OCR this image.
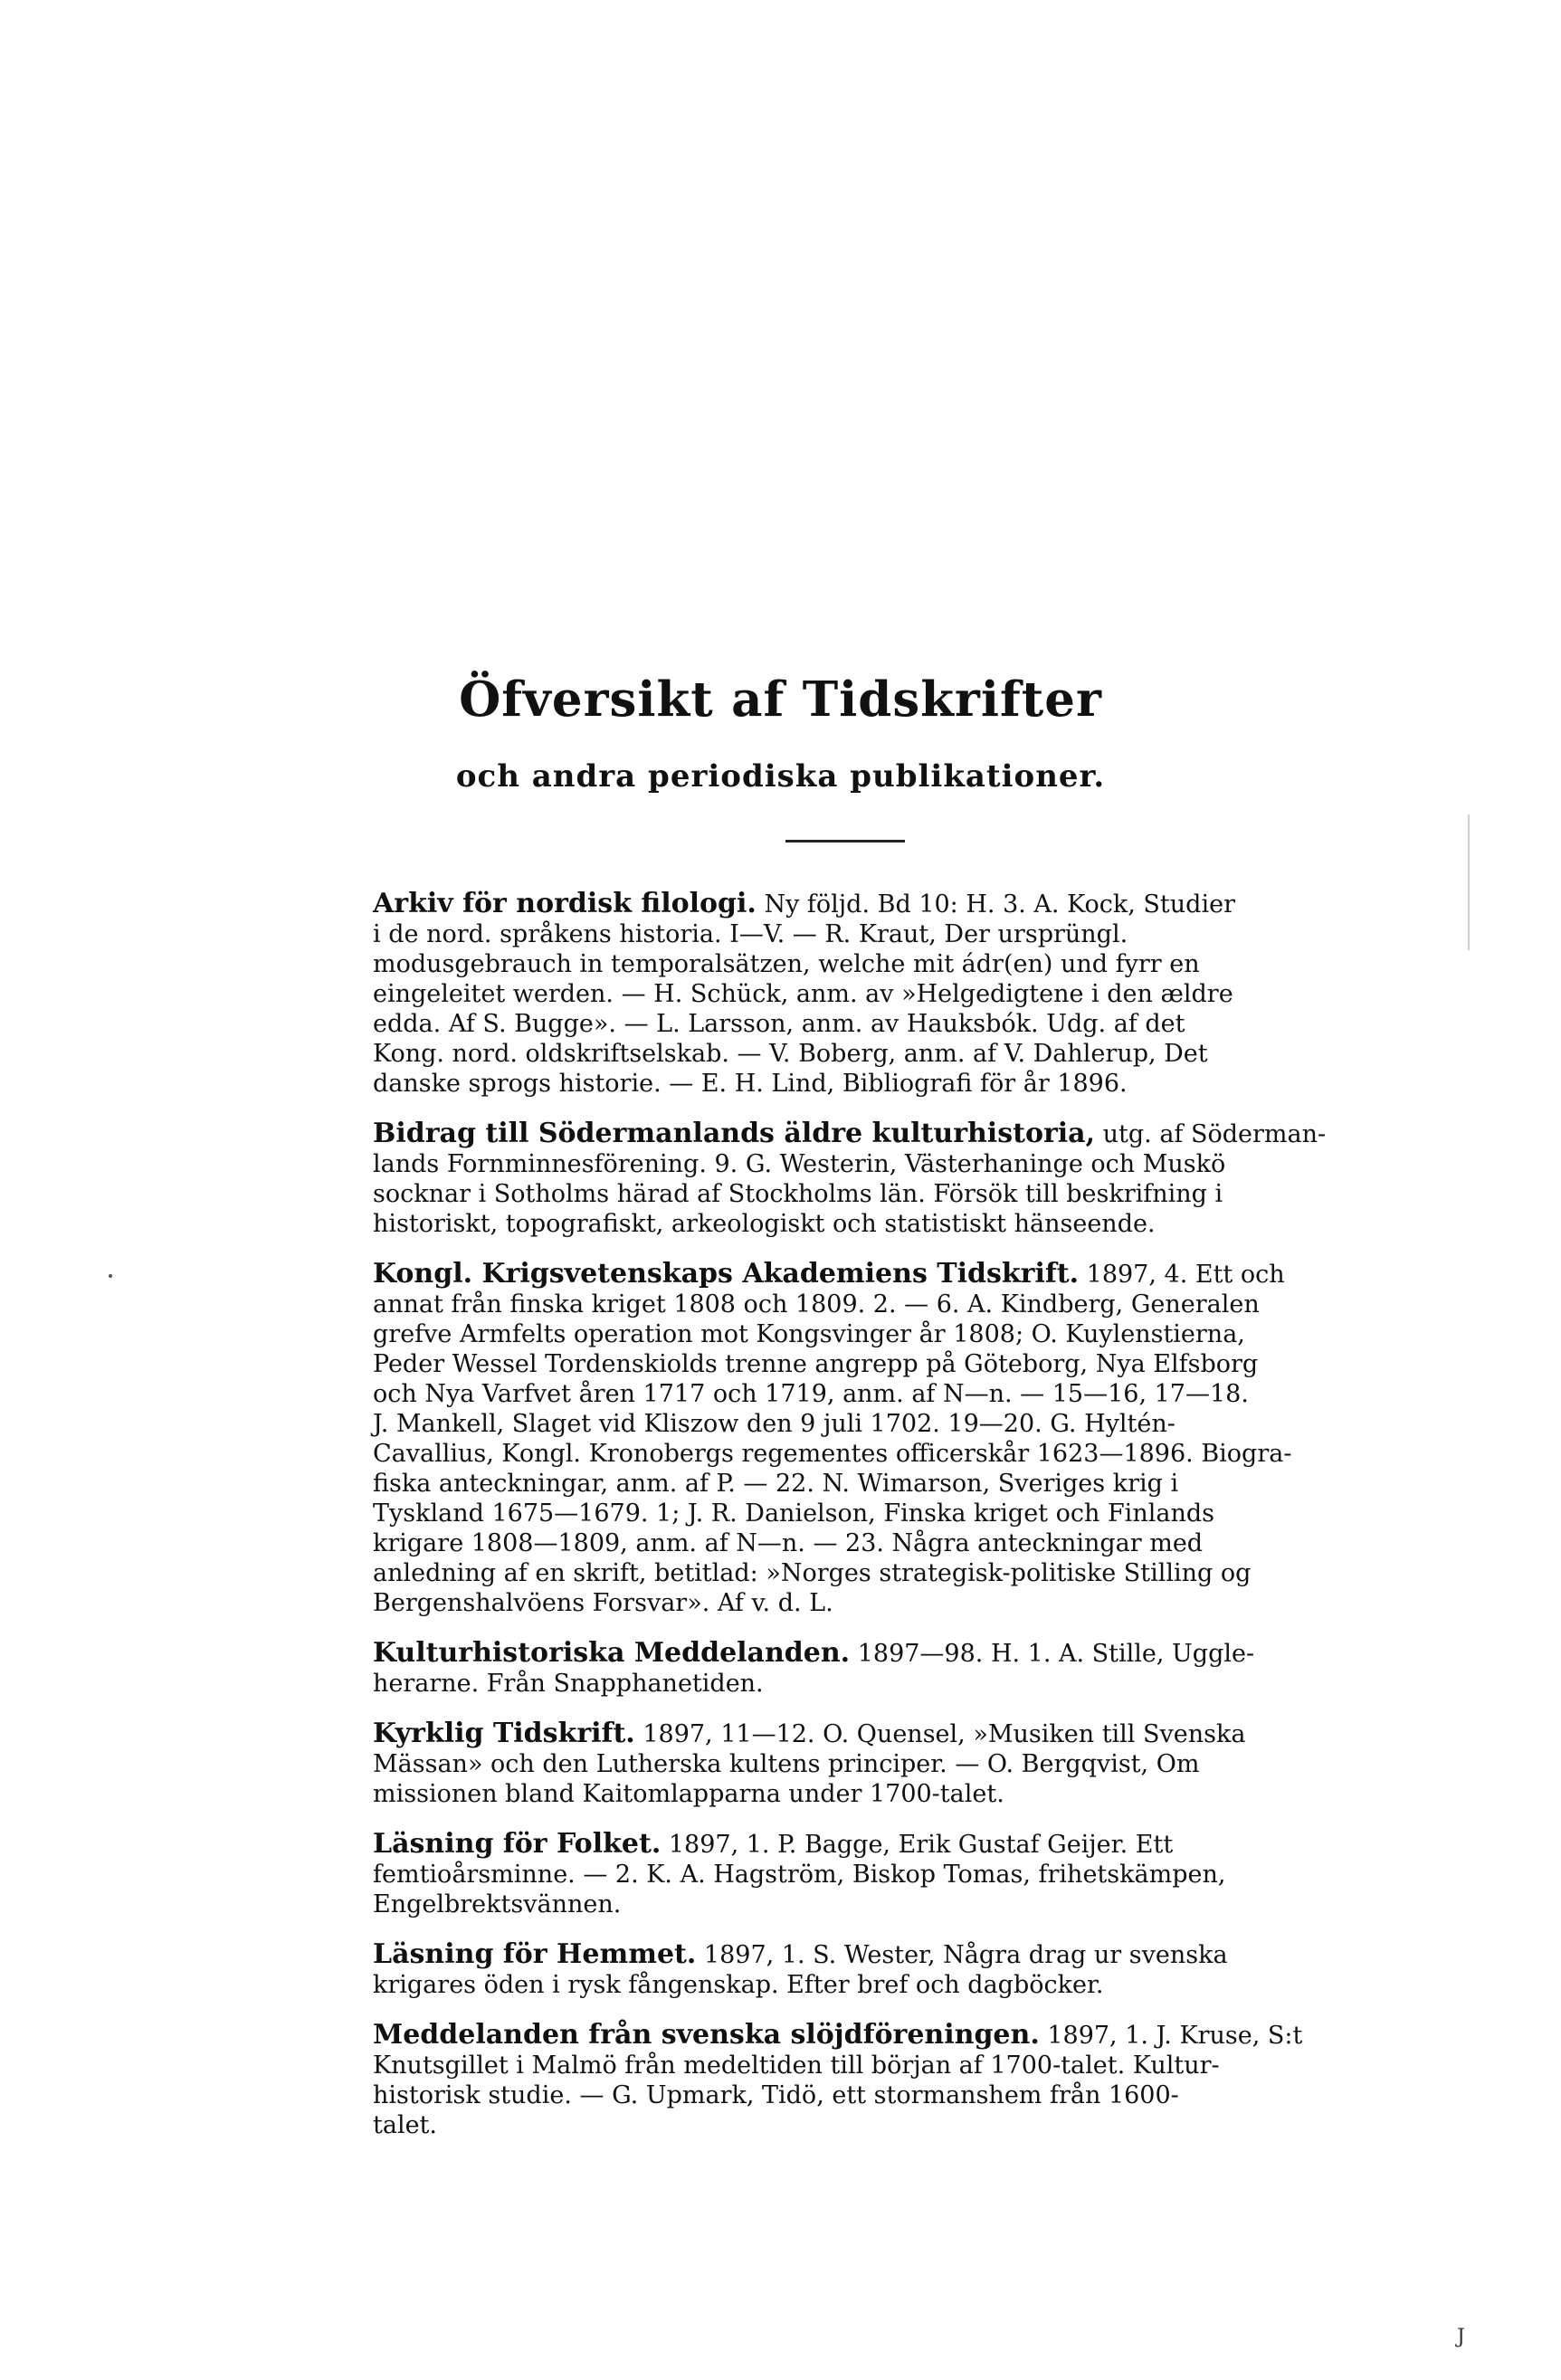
Öfversikt af Tidskrifter
och andra periodiska publikationer.
Arkiv för nordisk filologi. Ny följd. Bd 10: H. 3. A. Kock, Studier
i de nord. språkens historia. I—V. — R. Kraut, Der ursprüngl.
modusgebrauch in temporalsätzen, welche mit ádr(en) und fyrr en
eingeleitet werden. — H. Schück, anm. av »Helgedigtene i den ældre
edda. Af S. Bugge». — L. Larsson, anm. av Hauksbók. Udg. af det
Kong. nord. oldskriftselskab. — V. Boberg, anm. af V. Dahlerup, Det
danske sprogs historie. — E. H. Lind, Bibliografi för år 1896.
Bidrag till Södermanlands äldre kulturhistoria, utg. af Söderman-
lands Fornminnesförening. 9. G. Westerin, Västerhaninge och Muskö
socknar i Sotholms härad af Stockholms län. Försök till beskrifning i
historiskt, topografiskt, arkeologiskt och statistiskt hänseende.
Kongl. Krigsvetenskaps Akademiens Tidskrift. 1897, 4. Ett och
annat från finska kriget 1808 och 1809. 2. — 6. A. Kindberg, Generalen
grefve Armfelts operation mot Kongsvinger år 1808; O. Kuylenstierna,
Peder Wessel Tordenskiolds trenne angrepp på Göteborg, Nya Elfsborg
och Nya Varfvet åren 1717 och 1719, anm. af N—n. — 15—16, 17—18.
J. Mankell, Slaget vid Kliszow den 9 juli 1702. 19—20. G. Hyltén-
Cavallius, Kongl. Kronobergs regementes officerskår 1623—1896. Biogra-
fiska anteckningar, anm. af P. — 22. N. Wimarson, Sveriges krig i
Tyskland 1675—1679. 1; J. R. Danielson, Finska kriget och Finlands
krigare 1808—1809, anm. af N—n. — 23. Några anteckningar med
anledning af en skrift, betitlad: »Norges strategisk-politiske Stilling og
Bergenshalvöens Forsvar». Af v. d. L.
Kulturhistoriska Meddelanden. 1897—98. H. 1. A. Stille, Uggle-
herarne. Från Snapphanetiden.
Kyrklig Tidskrift. 1897, 11—12. O. Quensel, »Musiken till Svenska
Mässan» och den Lutherska kultens principer. — O. Bergqvist, Om
missionen bland Kaitomlapparna under 1700-talet.
Läsning för Folket. 1897, 1. P. Bagge, Erik Gustaf Geijer. Ett
femtioårsminne. — 2. K. A. Hagström, Biskop Tomas, frihetskämpen,
Engelbrektsvännen.
Läsning för Hemmet. 1897, 1. S. Wester, Några drag ur svenska
krigares öden i rysk fångenskap. Efter bref och dagböcker.
Meddelanden från svenska slöjdföreningen. 1897, 1. J. Kruse, S:t
Knutsgillet i Malmö från medeltiden till början af 1700-talet. Kultur-
historisk studie. — G. Upmark, Tidö, ett stormanshem från 1600-
talet.
J
